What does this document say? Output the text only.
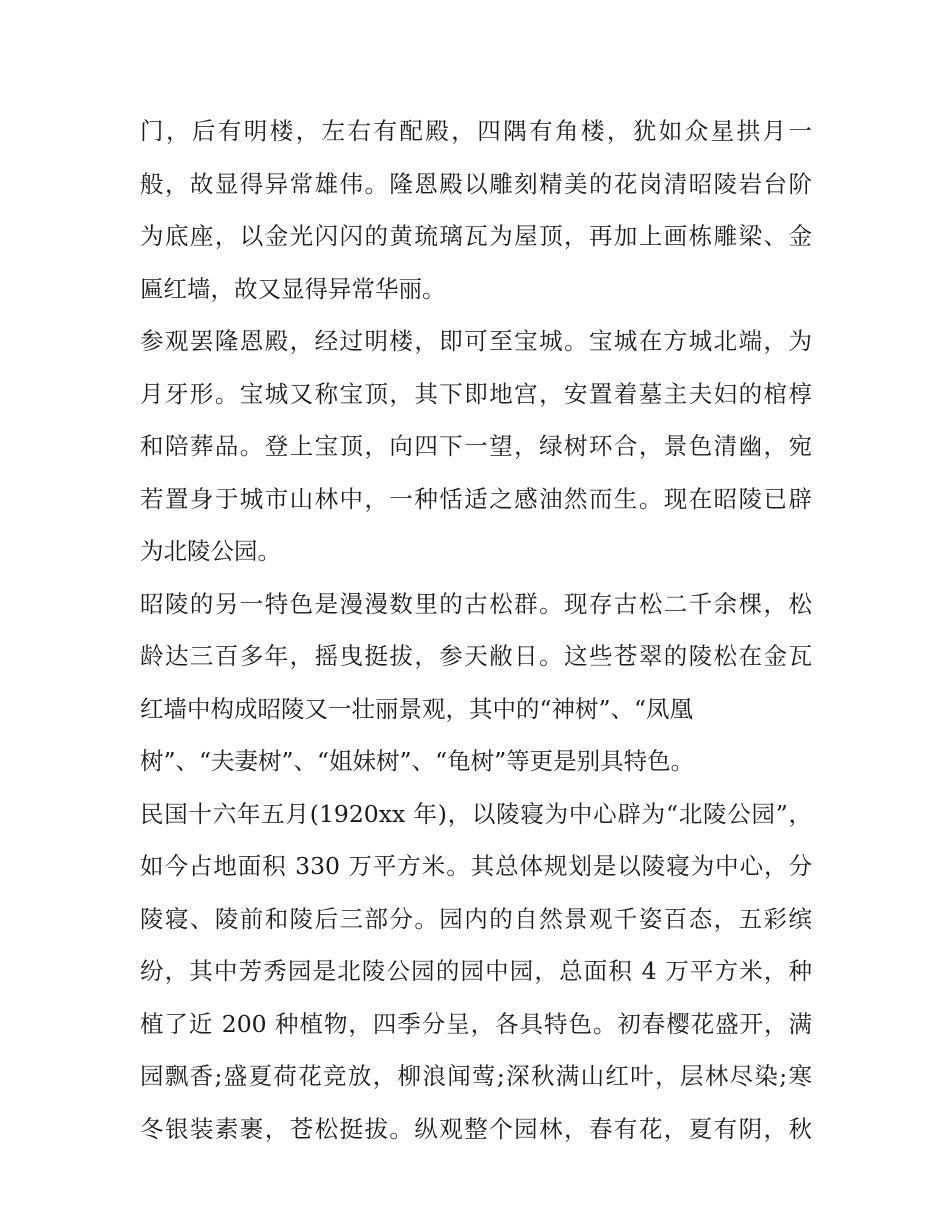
门，后有明楼，左右有配殿，四隅有角楼，犹如众星拱月一
般，故显得异常雄伟。隆恩殿以雕刻精美的花岗清昭陵岩台阶
为底座，以金光闪闪的黄琉璃瓦为屋顶，再加上画栋雕梁、金
匾红墙，故又显得异常华丽。
参观罢隆恩殿，经过明楼，即可至宝城。宝城在方城北端，为
月牙形。宝城又称宝顶，其下即地宫，安置着墓主夫妇的棺椁
和陪葬品。登上宝顶，向四下一望，绿树环合，景色清幽，宛
若置身于城市山林中，一种恬适之感油然而生。现在昭陵已辟
为北陵公园。
昭陵的另一特色是漫漫数里的古松群。现存古松二千余棵，松
龄达三百多年，摇曳挺拔，参天敝日。这些苍翠的陵松在金瓦
红墙中构成昭陵又一壮丽景观，其中的“神树”、“凤凰
树”、“夫妻树”、“姐妹树”、“龟树”等更是别具特色。
民国十六年五月(1920xx 年)，以陵寝为中心辟为“北陵公园”，
如今占地面积 330 万平方米。其总体规划是以陵寝为中心，分
陵寝、陵前和陵后三部分。园内的自然景观千姿百态，五彩缤
纷，其中芳秀园是北陵公园的园中园，总面积 4 万平方米，种
植了近 200 种植物，四季分呈，各具特色。初春樱花盛开，满
园飘香;盛夏荷花竞放，柳浪闻莺;深秋满山红叶，层林尽染;寒
冬银装素裹，苍松挺拔。纵观整个园林，春有花，夏有阴，秋
